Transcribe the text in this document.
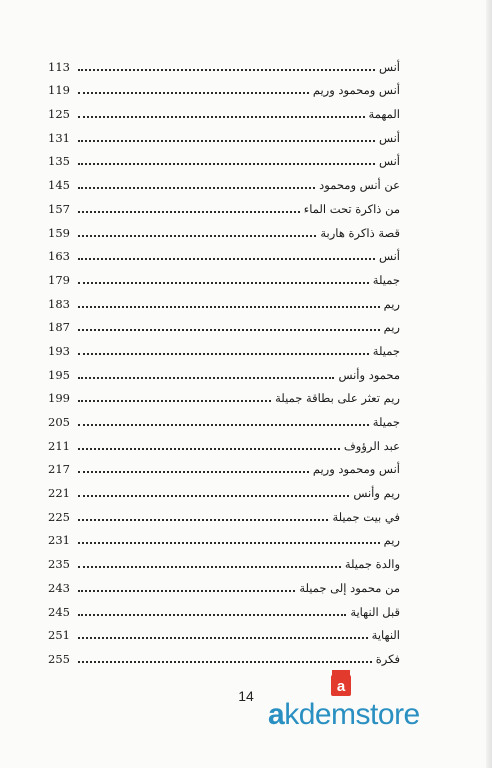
أنس
113
أنس ومحمود وريم
119
المهمة
125
أنس
131
أنس
135
عن أنس ومحمود
145
من ذاكرة تحت الماء
157
قصة ذاكرة هاربة
159
أنس
163
جميلة
179
ريم
183
ريم
187
جميلة
193
محمود وأنس
195
ريم تعثر على بطاقة جميلة
199
جميلة
205
عبد الرؤوف
211
أنس ومحمود وريم
217
ريم وأنس
221
في بيت جميلة
225
ريم
231
والدة جميلة
235
من محمود إلى جميلة
243
قبل النهاية
245
النهاية
251
فكرة
255
14
a
akdemstore
